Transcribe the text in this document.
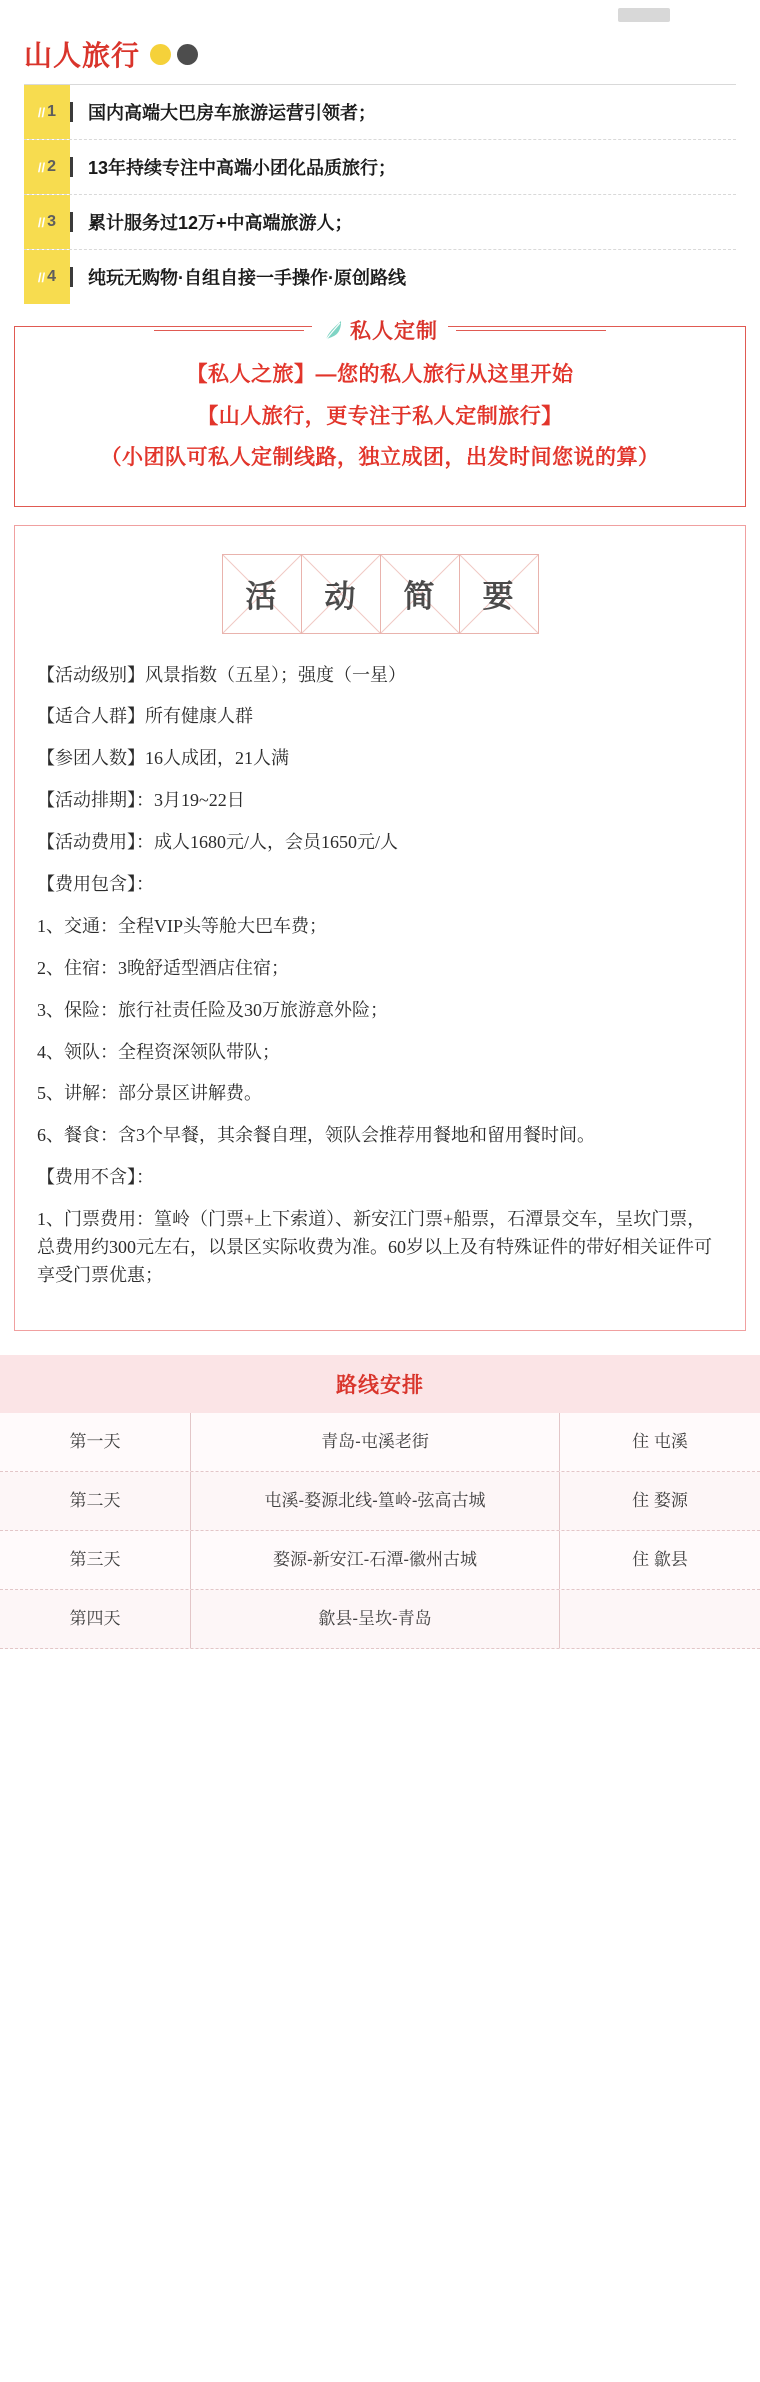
山人旅行
// 1	国内高端大巴房车旅游运营引领者；
// 2	13年持续专注中高端小团化品质旅行；
// 3	累计服务过12万+中高端旅游人；
// 4	纯玩无购物·自组自接一手操作·原创路线
私人定制

【私人之旅】—您的私人旅行从这里开始

【山人旅行，更专注于私人定制旅行】

（小团队可私人定制线路，独立成团，出发时间您说的算）

活 动 简 要

【活动级别】风景指数（五星）；强度（一星）

【适合人群】所有健康人群

【参团人数】16人成团，21人满

【活动排期】：3月19~22日

【活动费用】：成人1680元/人，会员1650元/人

【费用包含】：

1、交通：全程VIP头等舱大巴车费；

2、住宿：3晚舒适型酒店住宿；

3、保险：旅行社责任险及30万旅游意外险；

4、领队：全程资深领队带队；

5、讲解：部分景区讲解费。

6、餐食：含3个早餐，其余餐自理，领队会推荐用餐地和留用餐时间。

【费用不含】：

1、门票费用：篁岭（门票+上下索道）、新安江门票+船票，石潭景交车，呈坎门票，总费用约300元左右，以景区实际收费为准。60岁以上及有特殊证件的带好相关证件可享受门票优惠；

路线安排
第一天	青岛-屯溪老街	住 屯溪
第二天	屯溪-婺源北线-篁岭-弦高古城	住 婺源
第三天	婺源-新安江-石潭-徽州古城	住 歙县
第四天	歙县-呈坎-青岛
